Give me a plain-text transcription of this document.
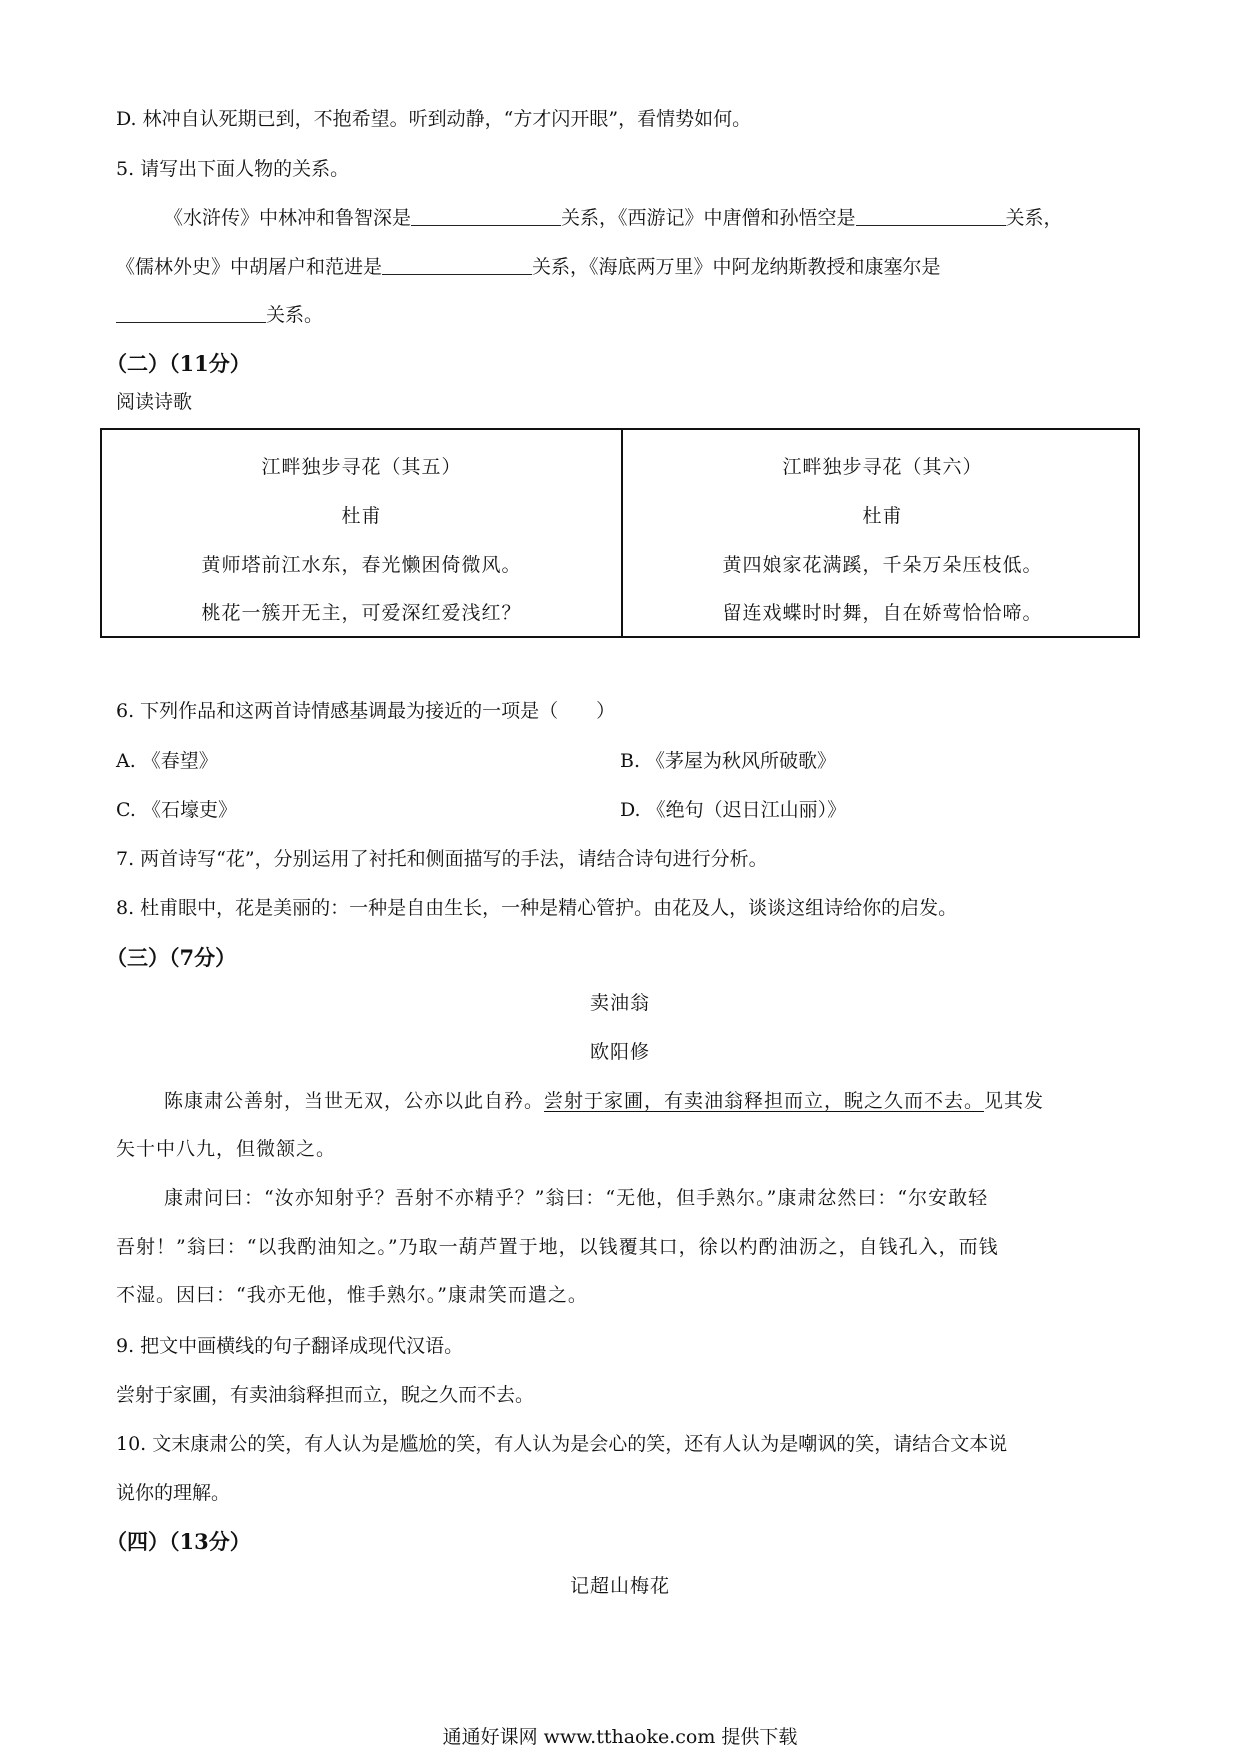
D. 林冲自认死期已到，不抱希望。听到动静，“方才闪开眼”，看情势如何。
5. 请写出下面人物的关系。
《水浒传》中林冲和鲁智深是	关系，《西游记》中唐僧和孙悟空是	关系，
《儒林外史》中胡屠户和范进是	关系，《海底两万里》中阿龙纳斯教授和康塞尔是
关系。
（二）（11分）
阅读诗歌
江畔独步寻花（其五）
杜甫
黄师塔前江水东，春光懒困倚微风。
桃花一簇开无主，可爱深红爱浅红？
江畔独步寻花（其六）
杜甫
黄四娘家花满蹊，千朵万朵压枝低。
留连戏蝶时时舞，自在娇莺恰恰啼。
6. 下列作品和这两首诗情感基调最为接近的一项是（　　）
A. 《春望》	B. 《茅屋为秋风所破歌》
C. 《石壕吏》	D. 《绝句（迟日江山丽）》
7. 两首诗写“花”，分别运用了衬托和侧面描写的手法，请结合诗句进行分析。
8. 杜甫眼中，花是美丽的：一种是自由生长，一种是精心管护。由花及人，谈谈这组诗给你的启发。
（三）（7分）
卖油翁
欧阳修
陈康肃公善射，当世无双，公亦以此自矜。尝射于家圃，有卖油翁释担而立，睨之久而不去。见其发
矢十中八九，但微颔之。
康肃问曰：“汝亦知射乎？吾射不亦精乎？”翁曰：“无他，但手熟尔。”康肃忿然曰：“尔安敢轻
吾射！”翁曰：“以我酌油知之。”乃取一葫芦置于地，以钱覆其口，徐以杓酌油沥之，自钱孔入，而钱
不湿。因曰：“我亦无他，惟手熟尔。”康肃笑而遣之。
9. 把文中画横线的句子翻译成现代汉语。
尝射于家圃，有卖油翁释担而立，睨之久而不去。
10. 文末康肃公的笑，有人认为是尴尬的笑，有人认为是会心的笑，还有人认为是嘲讽的笑，请结合文本说
说你的理解。
（四）（13分）
记超山梅花
通通好课网 www.tthaoke.com 提供下载
